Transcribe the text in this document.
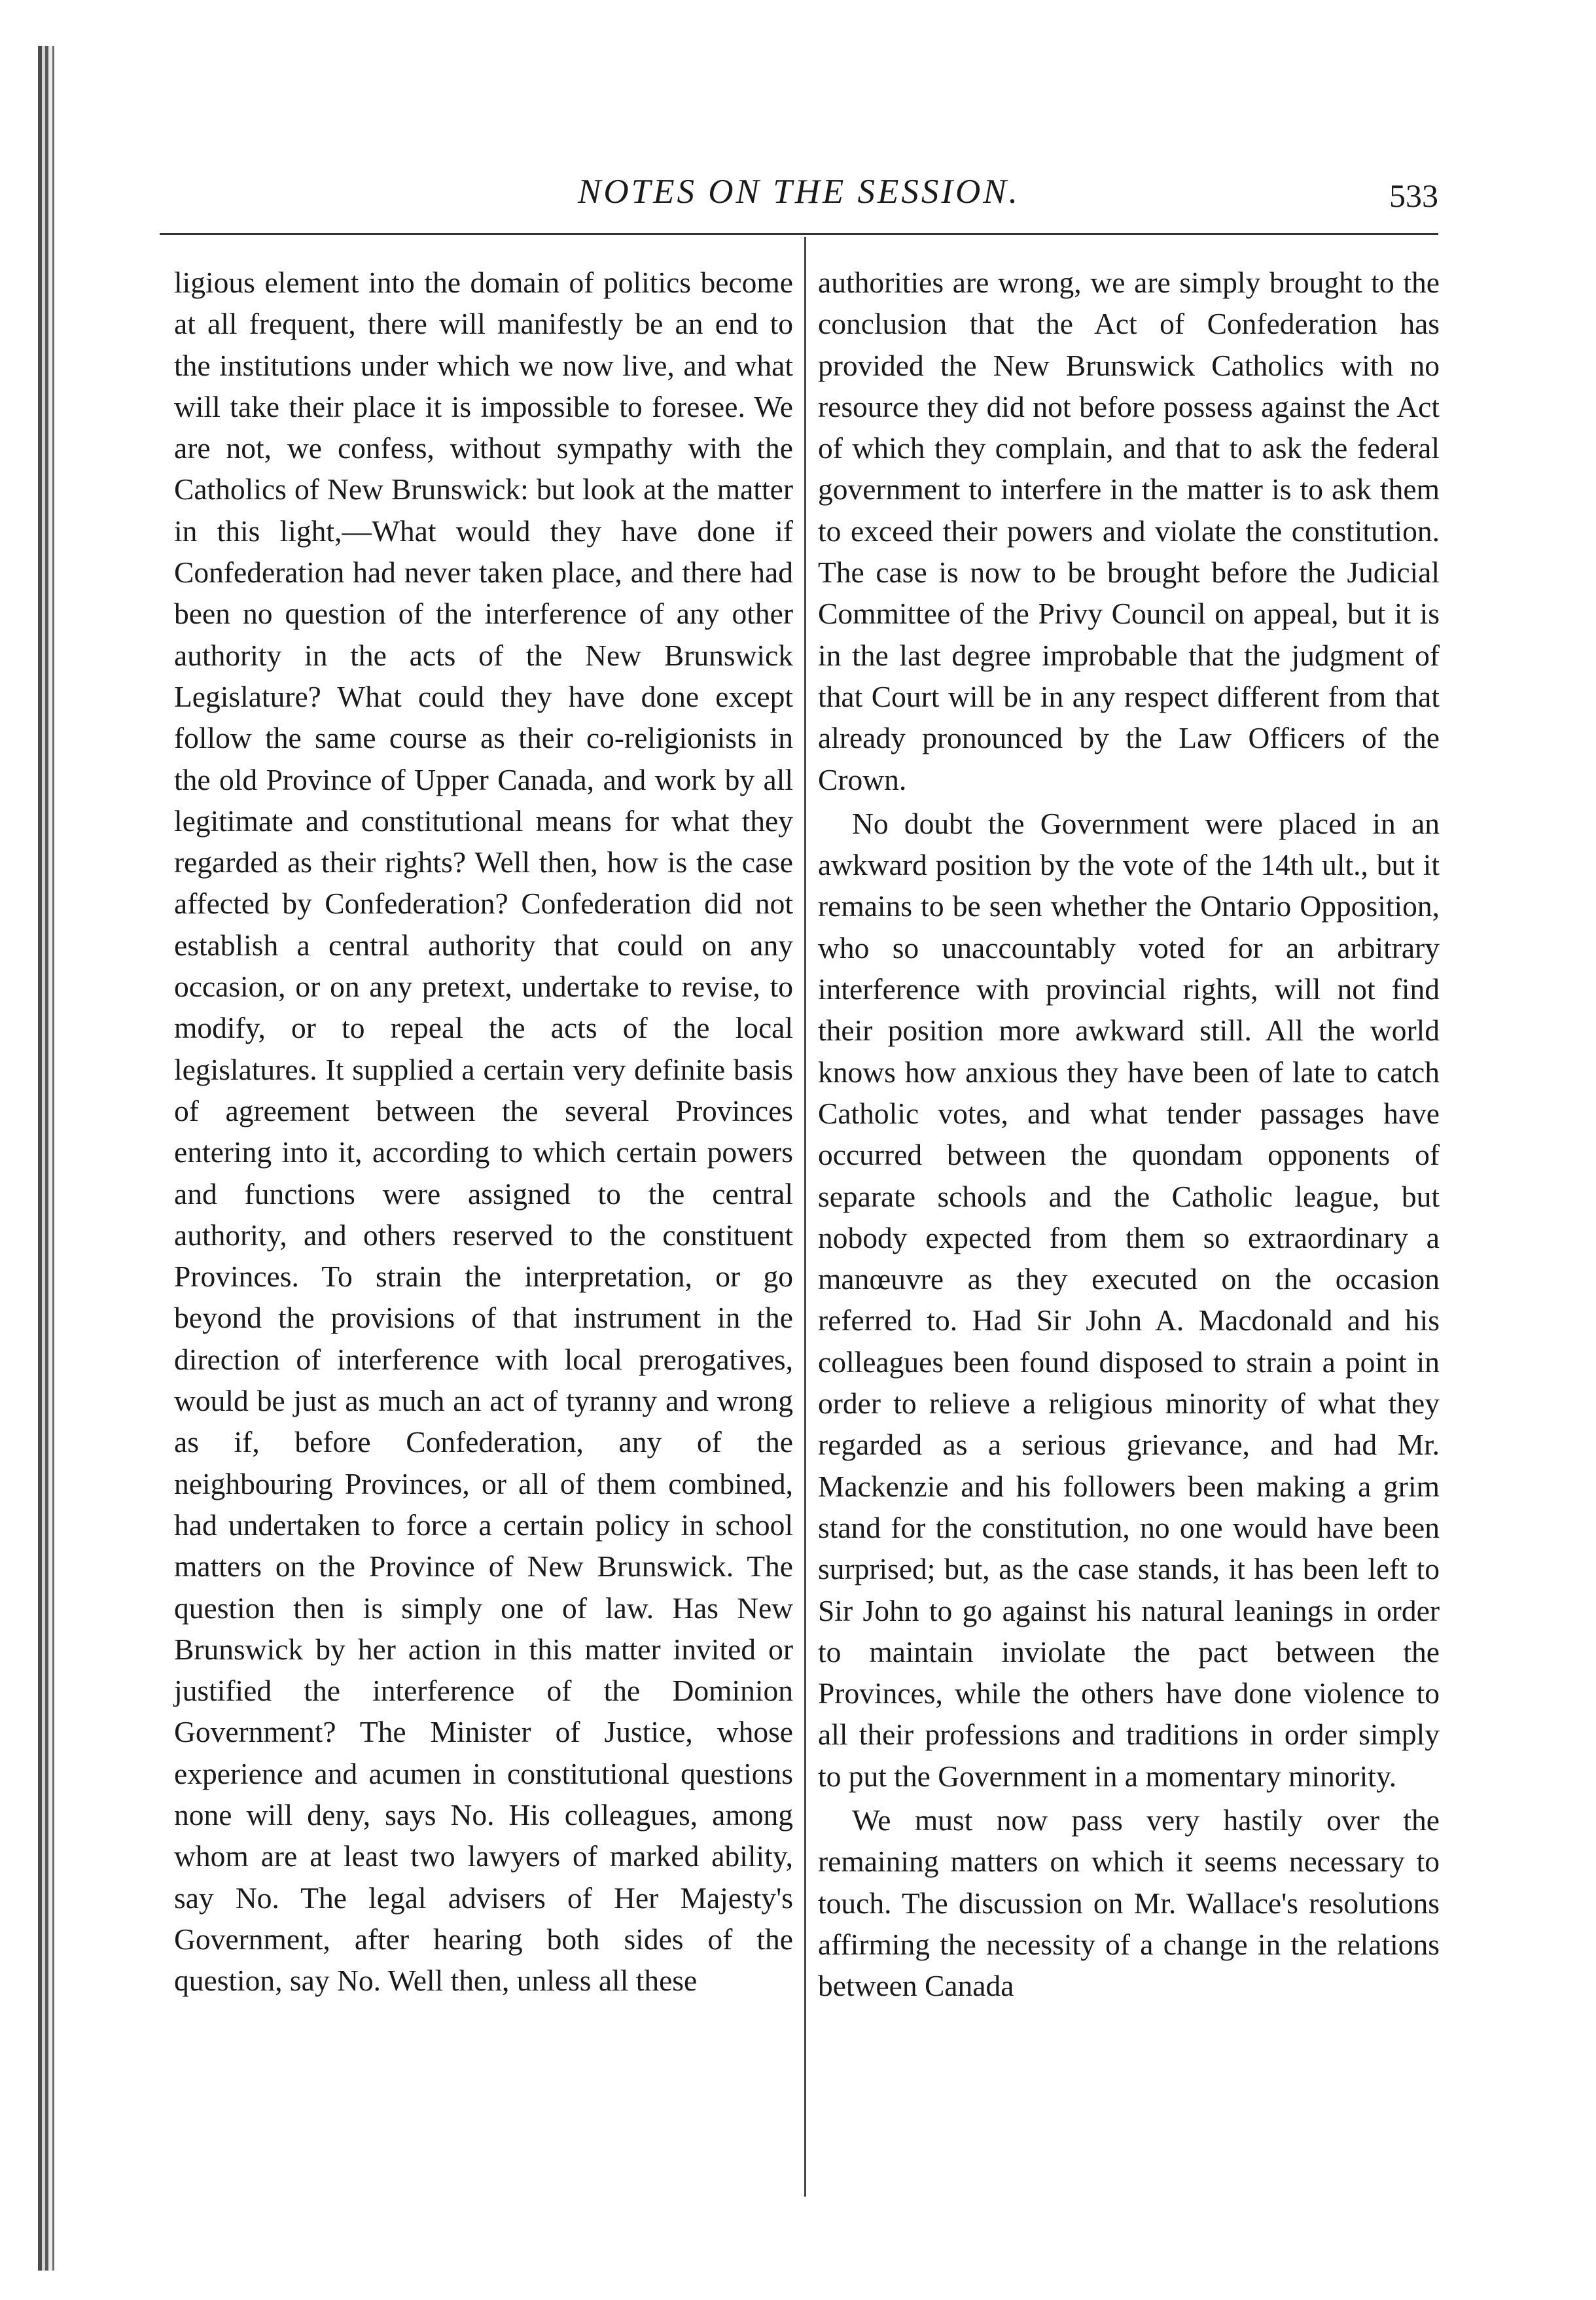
NOTES ON THE SESSION.	533

ligious element into the domain of politics become at all frequent, there will manifestly be an end to the institutions under which we now live, and what will take their place it is impossible to foresee. We are not, we confess, without sympathy with the Catholics of New Brunswick: but look at the matter in this light,—What would they have done if Confederation had never taken place, and there had been no question of the interference of any other authority in the acts of the New Brunswick Legislature? What could they have done except follow the same course as their co-religionists in the old Province of Upper Canada, and work by all legitimate and constitutional means for what they regarded as their rights? Well then, how is the case affected by Confederation? Confederation did not establish a central authority that could on any occasion, or on any pretext, undertake to revise, to modify, or to repeal the acts of the local legislatures. It supplied a certain very definite basis of agreement between the several Provinces entering into it, according to which certain powers and functions were assigned to the central authority, and others reserved to the constituent Provinces. To strain the interpretation, or go beyond the provisions of that instrument in the direction of interference with local prerogatives, would be just as much an act of tyranny and wrong as if, before Confederation, any of the neighbouring Provinces, or all of them combined, had undertaken to force a certain policy in school matters on the Province of New Brunswick. The question then is simply one of law. Has New Brunswick by her action in this matter invited or justified the interference of the Dominion Government? The Minister of Justice, whose experience and acumen in constitutional questions none will deny, says No. His colleagues, among whom are at least two lawyers of marked ability, say No. The legal advisers of Her Majesty's Government, after hearing both sides of the question, say No. Well then, unless all these

authorities are wrong, we are simply brought to the conclusion that the Act of Confederation has provided the New Brunswick Catholics with no resource they did not before possess against the Act of which they complain, and that to ask the federal government to interfere in the matter is to ask them to exceed their powers and violate the constitution. The case is now to be brought before the Judicial Committee of the Privy Council on appeal, but it is in the last degree improbable that the judgment of that Court will be in any respect different from that already pronounced by the Law Officers of the Crown.

No doubt the Government were placed in an awkward position by the vote of the 14th ult., but it remains to be seen whether the Ontario Opposition, who so unaccountably voted for an arbitrary interference with provincial rights, will not find their position more awkward still. All the world knows how anxious they have been of late to catch Catholic votes, and what tender passages have occurred between the quondam opponents of separate schools and the Catholic league, but nobody expected from them so extraordinary a manœuvre as they executed on the occasion referred to. Had Sir John A. Macdonald and his colleagues been found disposed to strain a point in order to relieve a religious minority of what they regarded as a serious grievance, and had Mr. Mackenzie and his followers been making a grim stand for the constitution, no one would have been surprised; but, as the case stands, it has been left to Sir John to go against his natural leanings in order to maintain inviolate the pact between the Provinces, while the others have done violence to all their professions and traditions in order simply to put the Government in a momentary minority.

We must now pass very hastily over the remaining matters on which it seems necessary to touch. The discussion on Mr. Wallace's resolutions affirming the necessity of a change in the relations between Canada
